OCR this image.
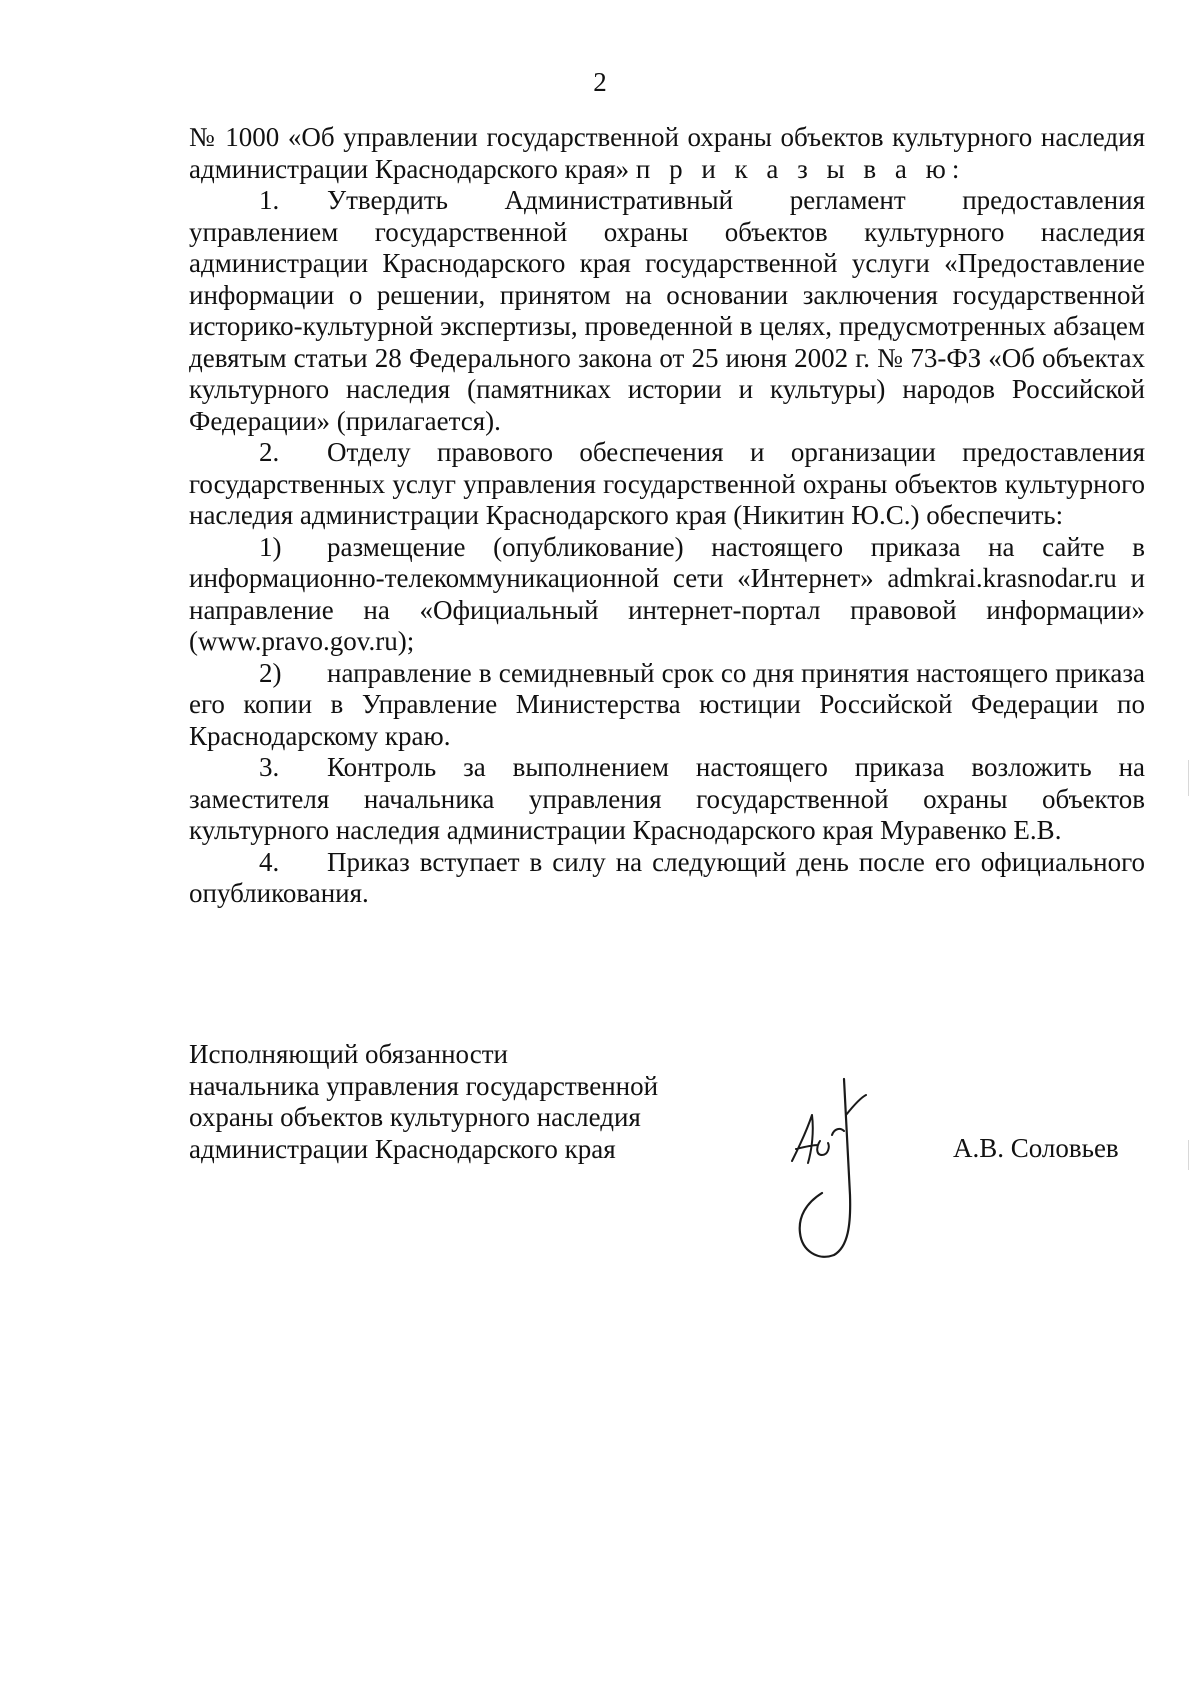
2

№ 1000 «Об управлении государственной охраны объектов культурного наследия администрации Краснодарского края» п р и к а з ы в а ю:

1. Утвердить Административный регламент предоставления управлением государственной охраны объектов культурного наследия администрации Краснодарского края государственной услуги «Предоставление информации о решении, принятом на основании заключения государственной историко-культурной экспертизы, проведенной в целях, предусмотренных абзацем девятым статьи 28 Федерального закона от 25 июня 2002 г. № 73-ФЗ «Об объектах культурного наследия (памятниках истории и культуры) народов Российской Федерации» (прилагается).

2. Отделу правового обеспечения и организации предоставления государственных услуг управления государственной охраны объектов культурного наследия администрации Краснодарского края (Никитин Ю.С.) обеспечить:

1) размещение (опубликование) настоящего приказа на сайте в информационно-телекоммуникационной сети «Интернет» admkrai.krasnodar.ru и направление на «Официальный интернет-портал правовой информации» (www.pravo.gov.ru);

2) направление в семидневный срок со дня принятия настоящего приказа его копии в Управление Министерства юстиции Российской Федерации по Краснодарскому краю.

3. Контроль за выполнением настоящего приказа возложить на заместителя начальника управления государственной охраны объектов культурного наследия администрации Краснодарского края Муравенко Е.В.

4. Приказ вступает в силу на следующий день после его официального опубликования.

Исполняющий обязанности
начальника управления государственной
охраны объектов культурного наследия
администрации Краснодарского края	А.В. Соловьев
